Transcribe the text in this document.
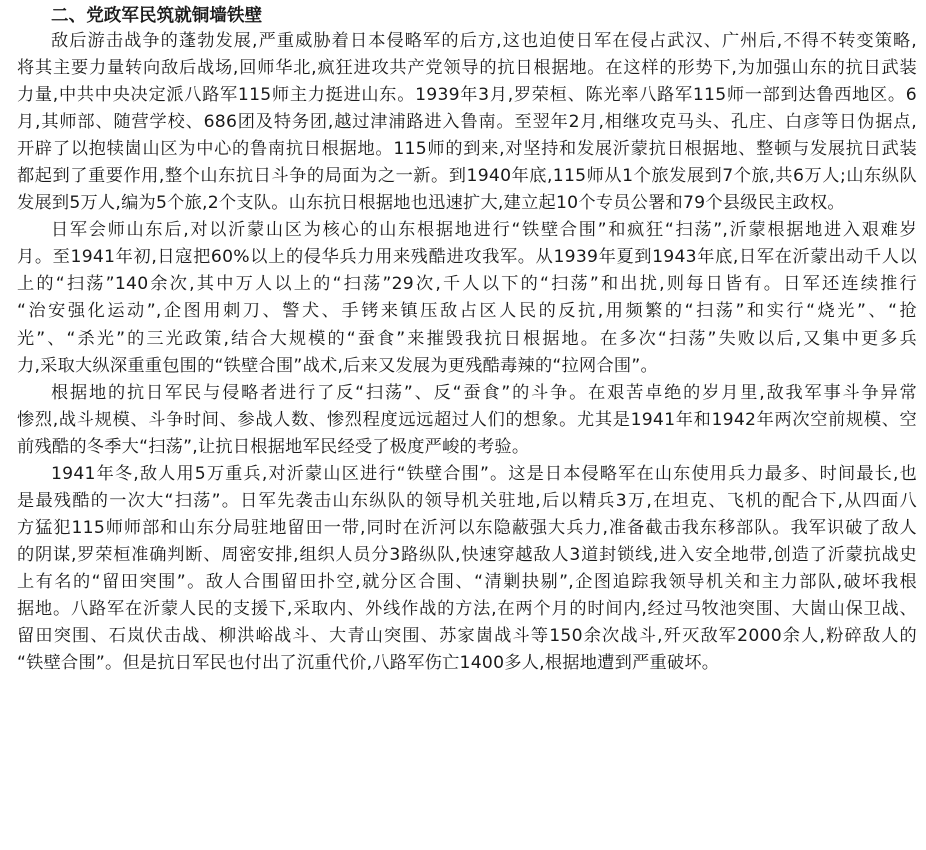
二、党政军民筑就铜墙铁壁
敌后游击战争的蓬勃发展,严重威胁着日本侵略军的后方,这也迫使日军在侵占武汉、广州后,不得不转变策略,
将其主要力量转向敌后战场,回师华北,疯狂进攻共产党领导的抗日根据地。在这样的形势下,为加强山东的抗日武装
力量,中共中央决定派八路军115师主力挺进山东。1939年3月,罗荣桓、陈光率八路军115师一部到达鲁西地区。6
月,其师部、随营学校、686团及特务团,越过津浦路进入鲁南。至翌年2月,相继攻克马头、孔庄、白彦等日伪据点,
开辟了以抱犊崮山区为中心的鲁南抗日根据地。115师的到来,对坚持和发展沂蒙抗日根据地、整顿与发展抗日武装
都起到了重要作用,整个山东抗日斗争的局面为之一新。到1940年底,115师从1个旅发展到7个旅,共6万人;山东纵队
发展到5万人,编为5个旅,2个支队。山东抗日根据地也迅速扩大,建立起10个专员公署和79个县级民主政权。
日军会师山东后,对以沂蒙山区为核心的山东根据地进行“铁壁合围”和疯狂“扫荡”,沂蒙根据地进入艰难岁
月。至1941年初,日寇把60%以上的侵华兵力用来残酷进攻我军。从1939年夏到1943年底,日军在沂蒙出动千人以
上的“扫荡”140余次,其中万人以上的“扫荡”29次,千人以下的“扫荡”和出扰,则每日皆有。日军还连续推行
“治安强化运动”,企图用刺刀、警犬、手铐来镇压敌占区人民的反抗,用频繁的“扫荡”和实行“烧光”、“抢
光”、“杀光”的三光政策,结合大规模的“蚕食”来摧毁我抗日根据地。在多次“扫荡”失败以后,又集中更多兵
力,采取大纵深重重包围的“铁壁合围”战术,后来又发展为更残酷毒辣的“拉网合围”。
根据地的抗日军民与侵略者进行了反“扫荡”、反“蚕食”的斗争。在艰苦卓绝的岁月里,敌我军事斗争异常
惨烈,战斗规模、斗争时间、参战人数、惨烈程度远远超过人们的想象。尤其是1941年和1942年两次空前规模、空
前残酷的冬季大“扫荡”,让抗日根据地军民经受了极度严峻的考验。
1941年冬,敌人用5万重兵,对沂蒙山区进行“铁壁合围”。这是日本侵略军在山东使用兵力最多、时间最长,也
是最残酷的一次大“扫荡”。日军先袭击山东纵队的领导机关驻地,后以精兵3万,在坦克、飞机的配合下,从四面八
方猛犯115师师部和山东分局驻地留田一带,同时在沂河以东隐蔽强大兵力,准备截击我东移部队。我军识破了敌人
的阴谋,罗荣桓准确判断、周密安排,组织人员分3路纵队,快速穿越敌人3道封锁线,进入安全地带,创造了沂蒙抗战史
上有名的“留田突围”。敌人合围留田扑空,就分区合围、“清剿抉剔”,企图追踪我领导机关和主力部队,破坏我根
据地。八路军在沂蒙人民的支援下,采取内、外线作战的方法,在两个月的时间内,经过马牧池突围、大崮山保卫战、
留田突围、石岚伏击战、柳洪峪战斗、大青山突围、苏家崮战斗等150余次战斗,歼灭敌军2000余人,粉碎敌人的
“铁壁合围”。但是抗日军民也付出了沉重代价,八路军伤亡1400多人,根据地遭到严重破坏。
